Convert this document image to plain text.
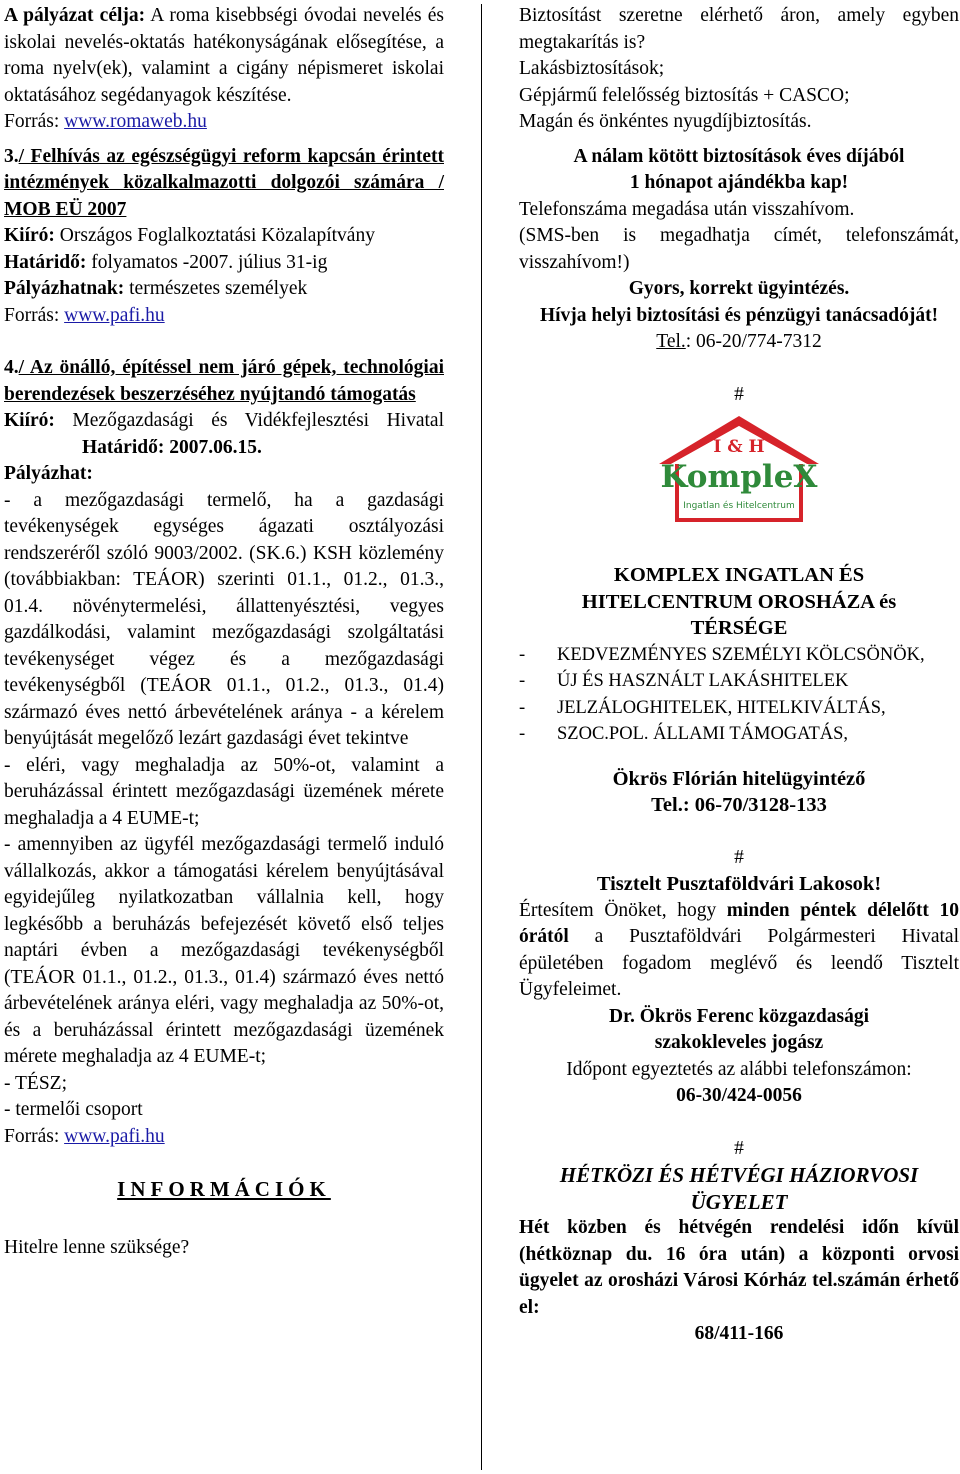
A pályázat célja: A roma kisebbségi óvodai nevelés és iskolai nevelés-oktatás hatékonyságának elősegítése, a roma nyelv(ek), valamint a cigány népismeret iskolai oktatásához segédanyagok készítése.
Forrás: www.romaweb.hu
3./ Felhívás az egészségügyi reform kapcsán érintett intézmények közalkalmazotti dolgozói számára / MOB EÜ 2007
Kiíró: Országos Foglalkoztatási Közalapítvány
Határidő: folyamatos -2007. július 31-ig
Pályázhatnak: természetes személyek
Forrás: www.pafi.hu
4./ Az önálló, építéssel nem járó gépek, technológiai berendezések beszerzéséhez nyújtandó támogatás
Kiíró: Mezőgazdasági és Vidékfejlesztési Hivatal                 Határidő: 2007.06.15.
Pályázhat:
- a mezőgazdasági termelő, ha a gazdasági tevékenységek egységes ágazati osztályozási rendszeréről szóló 9003/2002. (SK.6.) KSH közlemény (továbbiakban: TEÁOR) szerinti 01.1., 01.2., 01.3., 01.4. növénytermelési, állattenyésztési, vegyes gazdálkodási, valamint mezőgazdasági szolgáltatási tevékenységet végez és a mezőgazdasági tevékenységből (TEÁOR 01.1., 01.2., 01.3., 01.4) származó éves nettó árbevételének aránya - a kérelem benyújtását megelőző lezárt gazdasági évet tekintve
- eléri, vagy meghaladja az 50%-ot, valamint a beruházással érintett mezőgazdasági üzemének mérete meghaladja a 4 EUME-t;
- amennyiben az ügyfél mezőgazdasági termelő induló vállalkozás, akkor a támogatási kérelem benyújtásával egyidejűleg nyilatkozatban vállalnia kell, hogy legkésőbb a beruházás befejezését követő első teljes naptári évben a mezőgazdasági tevékenységből (TEÁOR 01.1., 01.2., 01.3., 01.4) származó éves nettó árbevételének aránya eléri, vagy meghaladja az 50%-ot, és a beruházással érintett mezőgazdasági üzemének mérete meghaladja az 4 EUME-t;
- TÉSZ;
- termelői csoport
Forrás: www.pafi.hu
INFORMÁCIÓK
Hitelre lenne szüksége?
Biztosítást szeretne elérhető áron, amely egyben megtakarítás is?
Lakásbiztosítások;
Gépjármű felelősség biztosítás + CASCO;
Magán és önkéntes nyugdíjbiztosítás.
A nálam kötött biztosítások éves díjából
1 hónapot ajándékba kap!
Telefonszáma megadása után visszahívom.
(SMS-ben is megadhatja címét, telefonszámát, visszahívom!)
Gyors, korrekt ügyintézés.
Hívja helyi biztosítási és pénzügyi tanácsadóját!
Tel.: 06-20/774-7312
#
I & H
KompleX
Ingatlan és Hitelcentrum
KOMPLEX INGATLAN ÉS
HITELCENTRUM OROSHÁZA és
TÉRSÉGE
- KEDVEZMÉNYES SZEMÉLYI KÖLCSÖNÖK,
- ÚJ ÉS HASZNÁLT LAKÁSHITELEK
- JELZÁLOGHITELEK, HITELKIVÁLTÁS,
- SZOC.POL. ÁLLAMI TÁMOGATÁS,
Ökrös Flórián hitelügyintéző
Tel.: 06-70/3128-133
#
Tisztelt Pusztaföldvári Lakosok!
Értesítem Önöket, hogy minden péntek délelőtt 10 órától a Pusztaföldvári Polgármesteri Hivatal épületében fogadom meglévő és leendő Tisztelt Ügyfeleimet.
Dr. Ökrös Ferenc közgazdasági
szakokleveles jogász
Időpont egyeztetés az alábbi telefonszámon:
06-30/424-0056
#
HÉTKÖZI ÉS HÉTVÉGI HÁZIORVOSI ÜGYELET
Hét közben és hétvégén rendelési időn kívül (hétköznap du. 16 óra után) a központi orvosi ügyelet az orosházi Városi Kórház tel.számán érhető el:
68/411-166
